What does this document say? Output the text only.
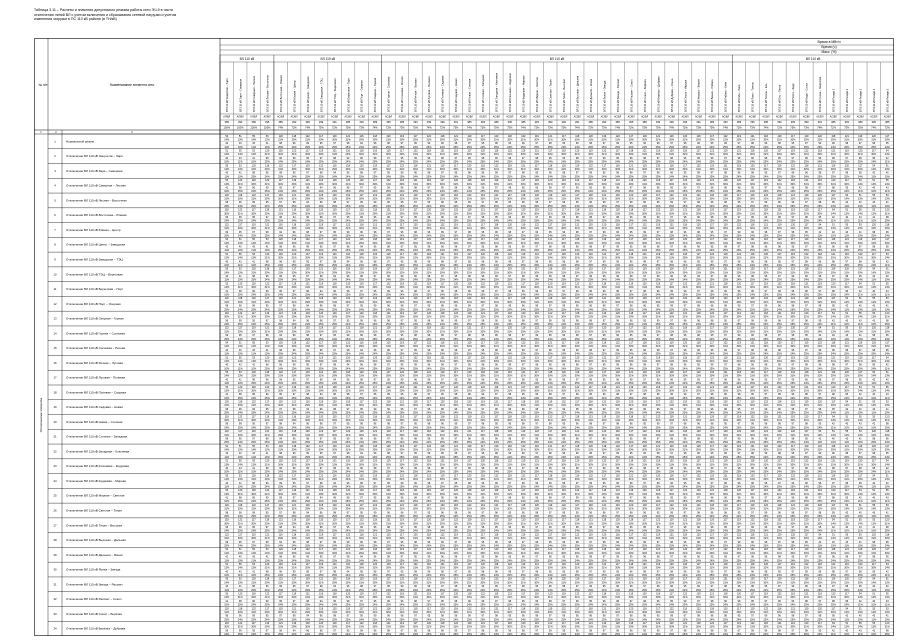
Таблица 3.11 – Расчеты и значения допустимого режима работы сети ЭЧ-9 в части
отключения линий ВЛ с учетом включения и сбрасывания сетевой нагрузки и учетом
изменения загрузки в ПС 110 кВ района (в ТН/кВ)
Время в МВт/ч
Время (ч)
Макс. (%)
ВЛ 110 кВ	ВЛ 110 кВ	ВЛ 110 кВ	ВЛ 110 кВ
№ п/п	Наименование элемента сети	ВЛ 110 кВ Энергетик – Заря
АЛ/ВЛ
385
100%
ВЛ 110 кВ Заря – Северная
АЛ/ВЛ
393
100%
ВЛ 110 кВ Северная – Лесная
АЛ/ВЛ
389
100%
ВЛ 110 кВ Лесная – Восточная
АЛ/ВЛ
395
100%
ВЛ 110 кВ Восточная – Южная
АС/ВЛ
385
74%
ВЛ 110 кВ Южная – Центр
АС/ВЛ
393
72%
ВЛ 110 кВ Центр – Заводская
АС/ВЛ
399
74%
ВЛ 110 кВ Заводская – ТЭЦ
АС/ВЛ
399
73%
ВЛ 110 кВ ТЭЦ – Береговая
АС/ВЛ
391
72%
ВЛ 110 кВ Береговая – Порт
АС/ВЛ
385
75%
ВЛ 110 кВ Порт – Озерная
АС/ВЛ
393
73%
ВЛ 110 кВ Озерная – Горная
АС/ВЛ
389
74%
ВЛ 110 кВ Горная – Сосновка
АС/ВЛ
395
72%
ВЛ 110 кВ Сосновка – Речная
АС/ВЛ
385
73%
ВЛ 110 кВ Речная – Луговая
АС/ВЛ
393
75%
ВЛ 110 кВ Луговая – Полевая
АС/ВЛ
399
74%
ВЛ 110 кВ Полевая – Садовая
АС/ВЛ
399
72%
ВЛ 110 кВ Садовая – Новая
АС/ВЛ
391
73%
ВЛ 110 кВ Новая – Степная
АС/ВЛ
385
74%
ВЛ 110 кВ Степная – Западная
АС/ВЛ
393
72%
ВЛ 110 кВ Западная – Ключевая
АС/ВЛ
389
75%
ВЛ 110 кВ Ключевая – Кедровая
АС/ВЛ
395
73%
ВЛ 110 кВ Кедровая – Мирная
АС/ВЛ
385
74%
ВЛ 110 кВ Мирная – Светлая
АС/ВЛ
393
72%
ВЛ 110 кВ Светлая – Тихая
АС/ВЛ
399
73%
ВЛ 110 кВ Тихая – Высокая
АС/ВЛ
399
75%
ВЛ 110 кВ Высокая – Дальняя
АС/ВЛ
391
74%
ВЛ 110 кВ Дальняя – Ясная
АС/ВЛ
385
72%
ВЛ 110 кВ Ясная – Звезда
АС/ВЛ
393
73%
ВЛ 110 кВ Звезда – Рассвет
АС/ВЛ
389
74%
ВЛ 110 кВ Рассвет – Сокол
АС/ВЛ
395
72%
ВЛ 110 кВ Сокол – Берёзка
АС/ВЛ
385
75%
ВЛ 110 кВ Берёзка – Дубрава
АС/ВЛ
393
73%
ВЛ 110 кВ Дубрава – Ольха
АС/ВЛ
399
74%
ВЛ 110 кВ Ольха – Ивушка
АС/ВЛ
399
72%
ВЛ 110 кВ Ивушка – Вишня
АС/ВЛ
391
73%
ВЛ 110 кВ Вишня – Рябина
АС/ВЛ
385
75%
ВЛ 110 кВ Рябина – Клён
АС/ВЛ
393
74%
ВЛ 110 кВ Клён – Липа
АС/ВЛ
389
72%
ВЛ 110 кВ Липа – Тополь
АС/ВЛ
395
73%
ВЛ 110 кВ Тополь – Ель
АС/ВЛ
385
74%
ВЛ 110 кВ Ель – Пихта
АС/ВЛ
393
72%
ВЛ 110 кВ Пихта – Кедр
АС/ВЛ
399
75%
ВЛ 110 кВ Кедр – Сосна
АС/ВЛ
399
73%
ВЛ 110 кВ Сосна – Энергетик
АС/ВЛ
391
74%
ВЛ 110 кВ Резерв 1
АС/ВЛ
385
72%
ВЛ 110 кВ Резерв 2
АС/ВЛ
393
73%
ВЛ 110 кВ Резерв 3
АС/ВЛ
389
75%
ВЛ 110 кВ Резерв 4
АС/ВЛ
395
74%
ВЛ 110 кВ Резерв 5
АС/ВЛ
385
72%
1	2	3
Отключаемые элементы
1	Нормальный режим
54
14%
42
11%
51
13%
40
10%
55
14%
43
11%
53
13%
41
10%
120
31%
98
25%
118
30%
96
24%
122
31%
99
25%
117
30%
95
24%
119
30%
97
25%
121
31%
98
25%
116
29%
94
24%
118
30%
96
24%
120
31%
98
25%
119
30%
97
25%
117
30%
95
24%
122
31%
99
25%
118
30%
96
24%
121
31%
98
25%
119
30%
97
25%
117
30%
95
24%
120
31%
98
25%
118
30%
96
24%
122
31%
99
25%
119
30%
97
25%
121
31%
98
25%
117
30%
95
24%
118
30%
96
24%
120
31%
98
25%
119
30%
97
25%
122
31%
99
25%
117
30%
95
24%
118
30%
96
24%
121
31%
98
25%
119
30%
97
25%
120
31%
98
25%
118
30%
96
24%
117
30%
95
24%
122
31%
99
25%
119
30%
97
25%
121
31%
98
25%
118
30%
96
24%
120
31%
98
25%
117
30%
95
24%
119
30%
97
25%
122
31%
99
25%
118
30%
96
24%
121
31%
98
25%
119
30%
97
25%
120
31%
98
25%
117
30%
95
24%
2	Отключение ВЛ 110 кВ Энергетик – Заря
51
13%
40
10%
55
14%
43
11%
53
13%
41
10%
120
31%
98
25%
118
30%
96
24%
122
31%
99
25%
117
30%
95
24%
119
30%
97
25%
121
31%
98
25%
116
29%
94
24%
118
30%
96
24%
120
31%
98
25%
119
30%
97
25%
117
30%
95
24%
122
31%
99
25%
118
30%
96
24%
121
31%
98
25%
119
30%
97
25%
117
30%
95
24%
120
31%
98
25%
118
30%
96
24%
122
31%
99
25%
119
30%
97
25%
121
31%
98
25%
117
30%
95
24%
118
30%
96
24%
120
31%
98
25%
119
30%
97
25%
122
31%
99
25%
117
30%
95
24%
118
30%
96
24%
121
31%
98
25%
119
30%
97
25%
120
31%
98
25%
118
30%
96
24%
117
30%
95
24%
122
31%
99
25%
119
30%
97
25%
121
31%
98
25%
118
30%
96
24%
120
31%
98
25%
117
30%
95
24%
119
30%
97
25%
122
31%
99
25%
118
30%
96
24%
121
31%
98
25%
119
30%
97
25%
120
31%
98
25%
117
30%
95
24%
54
14%
42
11%
3	Отключение ВЛ 110 кВ Заря – Северная
55
14%
43
11%
53
13%
41
10%
120
31%
98
25%
118
30%
96
24%
122
31%
99
25%
117
30%
95
24%
119
30%
97
25%
121
31%
98
25%
116
29%
94
24%
118
30%
96
24%
120
31%
98
25%
119
30%
97
25%
117
30%
95
24%
122
31%
99
25%
118
30%
96
24%
121
31%
98
25%
119
30%
97
25%
117
30%
95
24%
120
31%
98
25%
118
30%
96
24%
122
31%
99
25%
119
30%
97
25%
121
31%
98
25%
117
30%
95
24%
118
30%
96
24%
120
31%
98
25%
119
30%
97
25%
122
31%
99
25%
117
30%
95
24%
118
30%
96
24%
121
31%
98
25%
119
30%
97
25%
120
31%
98
25%
118
30%
96
24%
117
30%
95
24%
122
31%
99
25%
119
30%
97
25%
121
31%
98
25%
118
30%
96
24%
120
31%
98
25%
117
30%
95
24%
119
30%
97
25%
122
31%
99
25%
118
30%
96
24%
121
31%
98
25%
119
30%
97
25%
120
31%
98
25%
117
30%
95
24%
54
14%
42
11%
51
13%
40
10%
4	Отключение ВЛ 110 кВ Северная – Лесная
53
13%
41
10%
120
31%
98
25%
118
30%
96
24%
122
31%
99
25%
117
30%
95
24%
119
30%
97
25%
121
31%
98
25%
116
29%
94
24%
118
30%
96
24%
120
31%
98
25%
119
30%
97
25%
117
30%
95
24%
122
31%
99
25%
118
30%
96
24%
121
31%
98
25%
119
30%
97
25%
117
30%
95
24%
120
31%
98
25%
118
30%
96
24%
122
31%
99
25%
119
30%
97
25%
121
31%
98
25%
117
30%
95
24%
118
30%
96
24%
120
31%
98
25%
119
30%
97
25%
122
31%
99
25%
117
30%
95
24%
118
30%
96
24%
121
31%
98
25%
119
30%
97
25%
120
31%
98
25%
118
30%
96
24%
117
30%
95
24%
122
31%
99
25%
119
30%
97
25%
121
31%
98
25%
118
30%
96
24%
120
31%
98
25%
117
30%
95
24%
119
30%
97
25%
122
31%
99
25%
118
30%
96
24%
121
31%
98
25%
119
30%
97
25%
120
31%
98
25%
117
30%
95
24%
54
14%
42
11%
51
13%
40
10%
55
14%
43
11%
5	Отключение ВЛ 110 кВ Лесная – Восточная
120
31%
98
25%
118
30%
96
24%
122
31%
99
25%
117
30%
95
24%
119
30%
97
25%
121
31%
98
25%
116
29%
94
24%
118
30%
96
24%
120
31%
98
25%
119
30%
97
25%
117
30%
95
24%
122
31%
99
25%
118
30%
96
24%
121
31%
98
25%
119
30%
97
25%
117
30%
95
24%
120
31%
98
25%
118
30%
96
24%
122
31%
99
25%
119
30%
97
25%
121
31%
98
25%
117
30%
95
24%
118
30%
96
24%
120
31%
98
25%
119
30%
97
25%
122
31%
99
25%
117
30%
95
24%
118
30%
96
24%
121
31%
98
25%
119
30%
97
25%
120
31%
98
25%
118
30%
96
24%
117
30%
95
24%
122
31%
99
25%
119
30%
97
25%
121
31%
98
25%
118
30%
96
24%
120
31%
98
25%
117
30%
95
24%
119
30%
97
25%
122
31%
99
25%
118
30%
96
24%
121
31%
98
25%
119
30%
97
25%
120
31%
98
25%
117
30%
95
24%
54
14%
42
11%
51
13%
40
10%
55
14%
43
11%
53
13%
41
10%
6	Отключение ВЛ 110 кВ Восточная – Южная
118
30%
96
24%
122
31%
99
25%
117
30%
95
24%
119
30%
97
25%
121
31%
98
25%
116
29%
94
24%
118
30%
96
24%
120
31%
98
25%
119
30%
97
25%
117
30%
95
24%
122
31%
99
25%
118
30%
96
24%
121
31%
98
25%
119
30%
97
25%
117
30%
95
24%
120
31%
98
25%
118
30%
96
24%
122
31%
99
25%
119
30%
97
25%
121
31%
98
25%
117
30%
95
24%
118
30%
96
24%
120
31%
98
25%
119
30%
97
25%
122
31%
99
25%
117
30%
95
24%
118
30%
96
24%
121
31%
98
25%
119
30%
97
25%
120
31%
98
25%
118
30%
96
24%
117
30%
95
24%
122
31%
99
25%
119
30%
97
25%
121
31%
98
25%
118
30%
96
24%
120
31%
98
25%
117
30%
95
24%
119
30%
97
25%
122
31%
99
25%
118
30%
96
24%
121
31%
98
25%
119
30%
97
25%
120
31%
98
25%
117
30%
95
24%
54
14%
42
11%
51
13%
40
10%
55
14%
43
11%
53
13%
41
10%
120
31%
98
25%
7	Отключение ВЛ 110 кВ Южная – Центр
122
31%
99
25%
117
30%
95
24%
119
30%
97
25%
121
31%
98
25%
116
29%
94
24%
118
30%
96
24%
120
31%
98
25%
119
30%
97
25%
117
30%
95
24%
122
31%
99
25%
118
30%
96
24%
121
31%
98
25%
119
30%
97
25%
117
30%
95
24%
120
31%
98
25%
118
30%
96
24%
122
31%
99
25%
119
30%
97
25%
121
31%
98
25%
117
30%
95
24%
118
30%
96
24%
120
31%
98
25%
119
30%
97
25%
122
31%
99
25%
117
30%
95
24%
118
30%
96
24%
121
31%
98
25%
119
30%
97
25%
120
31%
98
25%
118
30%
96
24%
117
30%
95
24%
122
31%
99
25%
119
30%
97
25%
121
31%
98
25%
118
30%
96
24%
120
31%
98
25%
117
30%
95
24%
119
30%
97
25%
122
31%
99
25%
118
30%
96
24%
121
31%
98
25%
119
30%
97
25%
120
31%
98
25%
117
30%
95
24%
54
14%
42
11%
51
13%
40
10%
55
14%
43
11%
53
13%
41
10%
120
31%
98
25%
118
30%
96
24%
8	Отключение ВЛ 110 кВ Центр – Заводская
54
14%
42
11%
51
13%
40
10%
55
14%
43
11%
53
13%
41
10%
120
31%
98
25%
118
30%
96
24%
122
31%
99
25%
117
30%
95
24%
119
30%
97
25%
121
31%
98
25%
116
29%
94
24%
118
30%
96
24%
120
31%
98
25%
119
30%
97
25%
117
30%
95
24%
122
31%
99
25%
118
30%
96
24%
121
31%
98
25%
119
30%
97
25%
117
30%
95
24%
120
31%
98
25%
118
30%
96
24%
122
31%
99
25%
119
30%
97
25%
121
31%
98
25%
117
30%
95
24%
118
30%
96
24%
120
31%
98
25%
119
30%
97
25%
122
31%
99
25%
117
30%
95
24%
118
30%
96
24%
121
31%
98
25%
119
30%
97
25%
120
31%
98
25%
118
30%
96
24%
117
30%
95
24%
122
31%
99
25%
119
30%
97
25%
121
31%
98
25%
118
30%
96
24%
120
31%
98
25%
117
30%
95
24%
119
30%
97
25%
122
31%
99
25%
118
30%
96
24%
121
31%
98
25%
119
30%
97
25%
120
31%
98
25%
117
30%
95
24%
9	Отключение ВЛ 110 кВ Заводская – ТЭЦ
51
13%
40
10%
55
14%
43
11%
53
13%
41
10%
120
31%
98
25%
118
30%
96
24%
122
31%
99
25%
117
30%
95
24%
119
30%
97
25%
121
31%
98
25%
116
29%
94
24%
118
30%
96
24%
120
31%
98
25%
119
30%
97
25%
117
30%
95
24%
122
31%
99
25%
118
30%
96
24%
121
31%
98
25%
119
30%
97
25%
117
30%
95
24%
120
31%
98
25%
118
30%
96
24%
122
31%
99
25%
119
30%
97
25%
121
31%
98
25%
117
30%
95
24%
118
30%
96
24%
120
31%
98
25%
119
30%
97
25%
122
31%
99
25%
117
30%
95
24%
118
30%
96
24%
121
31%
98
25%
119
30%
97
25%
120
31%
98
25%
118
30%
96
24%
117
30%
95
24%
122
31%
99
25%
119
30%
97
25%
121
31%
98
25%
118
30%
96
24%
120
31%
98
25%
117
30%
95
24%
119
30%
97
25%
122
31%
99
25%
118
30%
96
24%
121
31%
98
25%
119
30%
97
25%
120
31%
98
25%
117
30%
95
24%
54
14%
42
11%
10	Отключение ВЛ 110 кВ ТЭЦ – Береговая
55
14%
43
11%
53
13%
41
10%
120
31%
98
25%
118
30%
96
24%
122
31%
99
25%
117
30%
95
24%
119
30%
97
25%
121
31%
98
25%
116
29%
94
24%
118
30%
96
24%
120
31%
98
25%
119
30%
97
25%
117
30%
95
24%
122
31%
99
25%
118
30%
96
24%
121
31%
98
25%
119
30%
97
25%
117
30%
95
24%
120
31%
98
25%
118
30%
96
24%
122
31%
99
25%
119
30%
97
25%
121
31%
98
25%
117
30%
95
24%
118
30%
96
24%
120
31%
98
25%
119
30%
97
25%
122
31%
99
25%
117
30%
95
24%
118
30%
96
24%
121
31%
98
25%
119
30%
97
25%
120
31%
98
25%
118
30%
96
24%
117
30%
95
24%
122
31%
99
25%
119
30%
97
25%
121
31%
98
25%
118
30%
96
24%
120
31%
98
25%
117
30%
95
24%
119
30%
97
25%
122
31%
99
25%
118
30%
96
24%
121
31%
98
25%
119
30%
97
25%
120
31%
98
25%
117
30%
95
24%
54
14%
42
11%
51
13%
40
10%
11	Отключение ВЛ 110 кВ Береговая – Порт
53
13%
41
10%
120
31%
98
25%
118
30%
96
24%
122
31%
99
25%
117
30%
95
24%
119
30%
97
25%
121
31%
98
25%
116
29%
94
24%
118
30%
96
24%
120
31%
98
25%
119
30%
97
25%
117
30%
95
24%
122
31%
99
25%
118
30%
96
24%
121
31%
98
25%
119
30%
97
25%
117
30%
95
24%
120
31%
98
25%
118
30%
96
24%
122
31%
99
25%
119
30%
97
25%
121
31%
98
25%
117
30%
95
24%
118
30%
96
24%
120
31%
98
25%
119
30%
97
25%
122
31%
99
25%
117
30%
95
24%
118
30%
96
24%
121
31%
98
25%
119
30%
97
25%
120
31%
98
25%
118
30%
96
24%
117
30%
95
24%
122
31%
99
25%
119
30%
97
25%
121
31%
98
25%
118
30%
96
24%
120
31%
98
25%
117
30%
95
24%
119
30%
97
25%
122
31%
99
25%
118
30%
96
24%
121
31%
98
25%
119
30%
97
25%
120
31%
98
25%
117
30%
95
24%
54
14%
42
11%
51
13%
40
10%
55
14%
43
11%
12	Отключение ВЛ 110 кВ Порт – Озерная
120
31%
98
25%
118
30%
96
24%
122
31%
99
25%
117
30%
95
24%
119
30%
97
25%
121
31%
98
25%
116
29%
94
24%
118
30%
96
24%
120
31%
98
25%
119
30%
97
25%
117
30%
95
24%
122
31%
99
25%
118
30%
96
24%
121
31%
98
25%
119
30%
97
25%
117
30%
95
24%
120
31%
98
25%
118
30%
96
24%
122
31%
99
25%
119
30%
97
25%
121
31%
98
25%
117
30%
95
24%
118
30%
96
24%
120
31%
98
25%
119
30%
97
25%
122
31%
99
25%
117
30%
95
24%
118
30%
96
24%
121
31%
98
25%
119
30%
97
25%
120
31%
98
25%
118
30%
96
24%
117
30%
95
24%
122
31%
99
25%
119
30%
97
25%
121
31%
98
25%
118
30%
96
24%
120
31%
98
25%
117
30%
95
24%
119
30%
97
25%
122
31%
99
25%
118
30%
96
24%
121
31%
98
25%
119
30%
97
25%
120
31%
98
25%
117
30%
95
24%
54
14%
42
11%
51
13%
40
10%
55
14%
43
11%
53
13%
41
10%
13	Отключение ВЛ 110 кВ Озерная – Горная
118
30%
96
24%
122
31%
99
25%
117
30%
95
24%
119
30%
97
25%
121
31%
98
25%
116
29%
94
24%
118
30%
96
24%
120
31%
98
25%
119
30%
97
25%
117
30%
95
24%
122
31%
99
25%
118
30%
96
24%
121
31%
98
25%
119
30%
97
25%
117
30%
95
24%
120
31%
98
25%
118
30%
96
24%
122
31%
99
25%
119
30%
97
25%
121
31%
98
25%
117
30%
95
24%
118
30%
96
24%
120
31%
98
25%
119
30%
97
25%
122
31%
99
25%
117
30%
95
24%
118
30%
96
24%
121
31%
98
25%
119
30%
97
25%
120
31%
98
25%
118
30%
96
24%
117
30%
95
24%
122
31%
99
25%
119
30%
97
25%
121
31%
98
25%
118
30%
96
24%
120
31%
98
25%
117
30%
95
24%
119
30%
97
25%
122
31%
99
25%
118
30%
96
24%
121
31%
98
25%
119
30%
97
25%
120
31%
98
25%
117
30%
95
24%
54
14%
42
11%
51
13%
40
10%
55
14%
43
11%
53
13%
41
10%
120
31%
98
25%
14	Отключение ВЛ 110 кВ Горная – Сосновка
122
31%
99
25%
117
30%
95
24%
119
30%
97
25%
121
31%
98
25%
116
29%
94
24%
118
30%
96
24%
120
31%
98
25%
119
30%
97
25%
117
30%
95
24%
122
31%
99
25%
118
30%
96
24%
121
31%
98
25%
119
30%
97
25%
117
30%
95
24%
120
31%
98
25%
118
30%
96
24%
122
31%
99
25%
119
30%
97
25%
121
31%
98
25%
117
30%
95
24%
118
30%
96
24%
120
31%
98
25%
119
30%
97
25%
122
31%
99
25%
117
30%
95
24%
118
30%
96
24%
121
31%
98
25%
119
30%
97
25%
120
31%
98
25%
118
30%
96
24%
117
30%
95
24%
122
31%
99
25%
119
30%
97
25%
121
31%
98
25%
118
30%
96
24%
120
31%
98
25%
117
30%
95
24%
119
30%
97
25%
122
31%
99
25%
118
30%
96
24%
121
31%
98
25%
119
30%
97
25%
120
31%
98
25%
117
30%
95
24%
54
14%
42
11%
51
13%
40
10%
55
14%
43
11%
53
13%
41
10%
120
31%
98
25%
118
30%
96
24%
15	Отключение ВЛ 110 кВ Сосновка – Речная
54
14%
42
11%
51
13%
40
10%
55
14%
43
11%
53
13%
41
10%
120
31%
98
25%
118
30%
96
24%
122
31%
99
25%
117
30%
95
24%
119
30%
97
25%
121
31%
98
25%
116
29%
94
24%
118
30%
96
24%
120
31%
98
25%
119
30%
97
25%
117
30%
95
24%
122
31%
99
25%
118
30%
96
24%
121
31%
98
25%
119
30%
97
25%
117
30%
95
24%
120
31%
98
25%
118
30%
96
24%
122
31%
99
25%
119
30%
97
25%
121
31%
98
25%
117
30%
95
24%
118
30%
96
24%
120
31%
98
25%
119
30%
97
25%
122
31%
99
25%
117
30%
95
24%
118
30%
96
24%
121
31%
98
25%
119
30%
97
25%
120
31%
98
25%
118
30%
96
24%
117
30%
95
24%
122
31%
99
25%
119
30%
97
25%
121
31%
98
25%
118
30%
96
24%
120
31%
98
25%
117
30%
95
24%
119
30%
97
25%
122
31%
99
25%
118
30%
96
24%
121
31%
98
25%
119
30%
97
25%
120
31%
98
25%
117
30%
95
24%
16	Отключение ВЛ 110 кВ Речная – Луговая
51
13%
40
10%
55
14%
43
11%
53
13%
41
10%
120
31%
98
25%
118
30%
96
24%
122
31%
99
25%
117
30%
95
24%
119
30%
97
25%
121
31%
98
25%
116
29%
94
24%
118
30%
96
24%
120
31%
98
25%
119
30%
97
25%
117
30%
95
24%
122
31%
99
25%
118
30%
96
24%
121
31%
98
25%
119
30%
97
25%
117
30%
95
24%
120
31%
98
25%
118
30%
96
24%
122
31%
99
25%
119
30%
97
25%
121
31%
98
25%
117
30%
95
24%
118
30%
96
24%
120
31%
98
25%
119
30%
97
25%
122
31%
99
25%
117
30%
95
24%
118
30%
96
24%
121
31%
98
25%
119
30%
97
25%
120
31%
98
25%
118
30%
96
24%
117
30%
95
24%
122
31%
99
25%
119
30%
97
25%
121
31%
98
25%
118
30%
96
24%
120
31%
98
25%
117
30%
95
24%
119
30%
97
25%
122
31%
99
25%
118
30%
96
24%
121
31%
98
25%
119
30%
97
25%
120
31%
98
25%
117
30%
95
24%
54
14%
42
11%
17	Отключение ВЛ 110 кВ Луговая – Полевая
55
14%
43
11%
53
13%
41
10%
120
31%
98
25%
118
30%
96
24%
122
31%
99
25%
117
30%
95
24%
119
30%
97
25%
121
31%
98
25%
116
29%
94
24%
118
30%
96
24%
120
31%
98
25%
119
30%
97
25%
117
30%
95
24%
122
31%
99
25%
118
30%
96
24%
121
31%
98
25%
119
30%
97
25%
117
30%
95
24%
120
31%
98
25%
118
30%
96
24%
122
31%
99
25%
119
30%
97
25%
121
31%
98
25%
117
30%
95
24%
118
30%
96
24%
120
31%
98
25%
119
30%
97
25%
122
31%
99
25%
117
30%
95
24%
118
30%
96
24%
121
31%
98
25%
119
30%
97
25%
120
31%
98
25%
118
30%
96
24%
117
30%
95
24%
122
31%
99
25%
119
30%
97
25%
121
31%
98
25%
118
30%
96
24%
120
31%
98
25%
117
30%
95
24%
119
30%
97
25%
122
31%
99
25%
118
30%
96
24%
121
31%
98
25%
119
30%
97
25%
120
31%
98
25%
117
30%
95
24%
54
14%
42
11%
51
13%
40
10%
18	Отключение ВЛ 110 кВ Полевая – Садовая
53
13%
41
10%
120
31%
98
25%
118
30%
96
24%
122
31%
99
25%
117
30%
95
24%
119
30%
97
25%
121
31%
98
25%
116
29%
94
24%
118
30%
96
24%
120
31%
98
25%
119
30%
97
25%
117
30%
95
24%
122
31%
99
25%
118
30%
96
24%
121
31%
98
25%
119
30%
97
25%
117
30%
95
24%
120
31%
98
25%
118
30%
96
24%
122
31%
99
25%
119
30%
97
25%
121
31%
98
25%
117
30%
95
24%
118
30%
96
24%
120
31%
98
25%
119
30%
97
25%
122
31%
99
25%
117
30%
95
24%
118
30%
96
24%
121
31%
98
25%
119
30%
97
25%
120
31%
98
25%
118
30%
96
24%
117
30%
95
24%
122
31%
99
25%
119
30%
97
25%
121
31%
98
25%
118
30%
96
24%
120
31%
98
25%
117
30%
95
24%
119
30%
97
25%
122
31%
99
25%
118
30%
96
24%
121
31%
98
25%
119
30%
97
25%
120
31%
98
25%
117
30%
95
24%
54
14%
42
11%
51
13%
40
10%
55
14%
43
11%
19	Отключение ВЛ 110 кВ Садовая – Новая
120
31%
98
25%
118
30%
96
24%
122
31%
99
25%
117
30%
95
24%
119
30%
97
25%
121
31%
98
25%
116
29%
94
24%
118
30%
96
24%
120
31%
98
25%
119
30%
97
25%
117
30%
95
24%
122
31%
99
25%
118
30%
96
24%
121
31%
98
25%
119
30%
97
25%
117
30%
95
24%
120
31%
98
25%
118
30%
96
24%
122
31%
99
25%
119
30%
97
25%
121
31%
98
25%
117
30%
95
24%
118
30%
96
24%
120
31%
98
25%
119
30%
97
25%
122
31%
99
25%
117
30%
95
24%
118
30%
96
24%
121
31%
98
25%
119
30%
97
25%
120
31%
98
25%
118
30%
96
24%
117
30%
95
24%
122
31%
99
25%
119
30%
97
25%
121
31%
98
25%
118
30%
96
24%
120
31%
98
25%
117
30%
95
24%
119
30%
97
25%
122
31%
99
25%
118
30%
96
24%
121
31%
98
25%
119
30%
97
25%
120
31%
98
25%
117
30%
95
24%
54
14%
42
11%
51
13%
40
10%
55
14%
43
11%
53
13%
41
10%
20	Отключение ВЛ 110 кВ Новая – Степная
118
30%
96
24%
122
31%
99
25%
117
30%
95
24%
119
30%
97
25%
121
31%
98
25%
116
29%
94
24%
118
30%
96
24%
120
31%
98
25%
119
30%
97
25%
117
30%
95
24%
122
31%
99
25%
118
30%
96
24%
121
31%
98
25%
119
30%
97
25%
117
30%
95
24%
120
31%
98
25%
118
30%
96
24%
122
31%
99
25%
119
30%
97
25%
121
31%
98
25%
117
30%
95
24%
118
30%
96
24%
120
31%
98
25%
119
30%
97
25%
122
31%
99
25%
117
30%
95
24%
118
30%
96
24%
121
31%
98
25%
119
30%
97
25%
120
31%
98
25%
118
30%
96
24%
117
30%
95
24%
122
31%
99
25%
119
30%
97
25%
121
31%
98
25%
118
30%
96
24%
120
31%
98
25%
117
30%
95
24%
119
30%
97
25%
122
31%
99
25%
118
30%
96
24%
121
31%
98
25%
119
30%
97
25%
120
31%
98
25%
117
30%
95
24%
54
14%
42
11%
51
13%
40
10%
55
14%
43
11%
53
13%
41
10%
120
31%
98
25%
21	Отключение ВЛ 110 кВ Степная – Западная
122
31%
99
25%
117
30%
95
24%
119
30%
97
25%
121
31%
98
25%
116
29%
94
24%
118
30%
96
24%
120
31%
98
25%
119
30%
97
25%
117
30%
95
24%
122
31%
99
25%
118
30%
96
24%
121
31%
98
25%
119
30%
97
25%
117
30%
95
24%
120
31%
98
25%
118
30%
96
24%
122
31%
99
25%
119
30%
97
25%
121
31%
98
25%
117
30%
95
24%
118
30%
96
24%
120
31%
98
25%
119
30%
97
25%
122
31%
99
25%
117
30%
95
24%
118
30%
96
24%
121
31%
98
25%
119
30%
97
25%
120
31%
98
25%
118
30%
96
24%
117
30%
95
24%
122
31%
99
25%
119
30%
97
25%
121
31%
98
25%
118
30%
96
24%
120
31%
98
25%
117
30%
95
24%
119
30%
97
25%
122
31%
99
25%
118
30%
96
24%
121
31%
98
25%
119
30%
97
25%
120
31%
98
25%
117
30%
95
24%
54
14%
42
11%
51
13%
40
10%
55
14%
43
11%
53
13%
41
10%
120
31%
98
25%
118
30%
96
24%
22	Отключение ВЛ 110 кВ Западная – Ключевая
54
14%
42
11%
51
13%
40
10%
55
14%
43
11%
53
13%
41
10%
120
31%
98
25%
118
30%
96
24%
122
31%
99
25%
117
30%
95
24%
119
30%
97
25%
121
31%
98
25%
116
29%
94
24%
118
30%
96
24%
120
31%
98
25%
119
30%
97
25%
117
30%
95
24%
122
31%
99
25%
118
30%
96
24%
121
31%
98
25%
119
30%
97
25%
117
30%
95
24%
120
31%
98
25%
118
30%
96
24%
122
31%
99
25%
119
30%
97
25%
121
31%
98
25%
117
30%
95
24%
118
30%
96
24%
120
31%
98
25%
119
30%
97
25%
122
31%
99
25%
117
30%
95
24%
118
30%
96
24%
121
31%
98
25%
119
30%
97
25%
120
31%
98
25%
118
30%
96
24%
117
30%
95
24%
122
31%
99
25%
119
30%
97
25%
121
31%
98
25%
118
30%
96
24%
120
31%
98
25%
117
30%
95
24%
119
30%
97
25%
122
31%
99
25%
118
30%
96
24%
121
31%
98
25%
119
30%
97
25%
120
31%
98
25%
117
30%
95
24%
23	Отключение ВЛ 110 кВ Ключевая – Кедровая
51
13%
40
10%
55
14%
43
11%
53
13%
41
10%
120
31%
98
25%
118
30%
96
24%
122
31%
99
25%
117
30%
95
24%
119
30%
97
25%
121
31%
98
25%
116
29%
94
24%
118
30%
96
24%
120
31%
98
25%
119
30%
97
25%
117
30%
95
24%
122
31%
99
25%
118
30%
96
24%
121
31%
98
25%
119
30%
97
25%
117
30%
95
24%
120
31%
98
25%
118
30%
96
24%
122
31%
99
25%
119
30%
97
25%
121
31%
98
25%
117
30%
95
24%
118
30%
96
24%
120
31%
98
25%
119
30%
97
25%
122
31%
99
25%
117
30%
95
24%
118
30%
96
24%
121
31%
98
25%
119
30%
97
25%
120
31%
98
25%
118
30%
96
24%
117
30%
95
24%
122
31%
99
25%
119
30%
97
25%
121
31%
98
25%
118
30%
96
24%
120
31%
98
25%
117
30%
95
24%
119
30%
97
25%
122
31%
99
25%
118
30%
96
24%
121
31%
98
25%
119
30%
97
25%
120
31%
98
25%
117
30%
95
24%
54
14%
42
11%
24	Отключение ВЛ 110 кВ Кедровая – Мирная
55
14%
43
11%
53
13%
41
10%
120
31%
98
25%
118
30%
96
24%
122
31%
99
25%
117
30%
95
24%
119
30%
97
25%
121
31%
98
25%
116
29%
94
24%
118
30%
96
24%
120
31%
98
25%
119
30%
97
25%
117
30%
95
24%
122
31%
99
25%
118
30%
96
24%
121
31%
98
25%
119
30%
97
25%
117
30%
95
24%
120
31%
98
25%
118
30%
96
24%
122
31%
99
25%
119
30%
97
25%
121
31%
98
25%
117
30%
95
24%
118
30%
96
24%
120
31%
98
25%
119
30%
97
25%
122
31%
99
25%
117
30%
95
24%
118
30%
96
24%
121
31%
98
25%
119
30%
97
25%
120
31%
98
25%
118
30%
96
24%
117
30%
95
24%
122
31%
99
25%
119
30%
97
25%
121
31%
98
25%
118
30%
96
24%
120
31%
98
25%
117
30%
95
24%
119
30%
97
25%
122
31%
99
25%
118
30%
96
24%
121
31%
98
25%
119
30%
97
25%
120
31%
98
25%
117
30%
95
24%
54
14%
42
11%
51
13%
40
10%
25	Отключение ВЛ 110 кВ Мирная – Светлая
53
13%
41
10%
120
31%
98
25%
118
30%
96
24%
122
31%
99
25%
117
30%
95
24%
119
30%
97
25%
121
31%
98
25%
116
29%
94
24%
118
30%
96
24%
120
31%
98
25%
119
30%
97
25%
117
30%
95
24%
122
31%
99
25%
118
30%
96
24%
121
31%
98
25%
119
30%
97
25%
117
30%
95
24%
120
31%
98
25%
118
30%
96
24%
122
31%
99
25%
119
30%
97
25%
121
31%
98
25%
117
30%
95
24%
118
30%
96
24%
120
31%
98
25%
119
30%
97
25%
122
31%
99
25%
117
30%
95
24%
118
30%
96
24%
121
31%
98
25%
119
30%
97
25%
120
31%
98
25%
118
30%
96
24%
117
30%
95
24%
122
31%
99
25%
119
30%
97
25%
121
31%
98
25%
118
30%
96
24%
120
31%
98
25%
117
30%
95
24%
119
30%
97
25%
122
31%
99
25%
118
30%
96
24%
121
31%
98
25%
119
30%
97
25%
120
31%
98
25%
117
30%
95
24%
54
14%
42
11%
51
13%
40
10%
55
14%
43
11%
26	Отключение ВЛ 110 кВ Светлая – Тихая
120
31%
98
25%
118
30%
96
24%
122
31%
99
25%
117
30%
95
24%
119
30%
97
25%
121
31%
98
25%
116
29%
94
24%
118
30%
96
24%
120
31%
98
25%
119
30%
97
25%
117
30%
95
24%
122
31%
99
25%
118
30%
96
24%
121
31%
98
25%
119
30%
97
25%
117
30%
95
24%
120
31%
98
25%
118
30%
96
24%
122
31%
99
25%
119
30%
97
25%
121
31%
98
25%
117
30%
95
24%
118
30%
96
24%
120
31%
98
25%
119
30%
97
25%
122
31%
99
25%
117
30%
95
24%
118
30%
96
24%
121
31%
98
25%
119
30%
97
25%
120
31%
98
25%
118
30%
96
24%
117
30%
95
24%
122
31%
99
25%
119
30%
97
25%
121
31%
98
25%
118
30%
96
24%
120
31%
98
25%
117
30%
95
24%
119
30%
97
25%
122
31%
99
25%
118
30%
96
24%
121
31%
98
25%
119
30%
97
25%
120
31%
98
25%
117
30%
95
24%
54
14%
42
11%
51
13%
40
10%
55
14%
43
11%
53
13%
41
10%
27	Отключение ВЛ 110 кВ Тихая – Высокая
118
30%
96
24%
122
31%
99
25%
117
30%
95
24%
119
30%
97
25%
121
31%
98
25%
116
29%
94
24%
118
30%
96
24%
120
31%
98
25%
119
30%
97
25%
117
30%
95
24%
122
31%
99
25%
118
30%
96
24%
121
31%
98
25%
119
30%
97
25%
117
30%
95
24%
120
31%
98
25%
118
30%
96
24%
122
31%
99
25%
119
30%
97
25%
121
31%
98
25%
117
30%
95
24%
118
30%
96
24%
120
31%
98
25%
119
30%
97
25%
122
31%
99
25%
117
30%
95
24%
118
30%
96
24%
121
31%
98
25%
119
30%
97
25%
120
31%
98
25%
118
30%
96
24%
117
30%
95
24%
122
31%
99
25%
119
30%
97
25%
121
31%
98
25%
118
30%
96
24%
120
31%
98
25%
117
30%
95
24%
119
30%
97
25%
122
31%
99
25%
118
30%
96
24%
121
31%
98
25%
119
30%
97
25%
120
31%
98
25%
117
30%
95
24%
54
14%
42
11%
51
13%
40
10%
55
14%
43
11%
53
13%
41
10%
120
31%
98
25%
28	Отключение ВЛ 110 кВ Высокая – Дальняя
122
31%
99
25%
117
30%
95
24%
119
30%
97
25%
121
31%
98
25%
116
29%
94
24%
118
30%
96
24%
120
31%
98
25%
119
30%
97
25%
117
30%
95
24%
122
31%
99
25%
118
30%
96
24%
121
31%
98
25%
119
30%
97
25%
117
30%
95
24%
120
31%
98
25%
118
30%
96
24%
122
31%
99
25%
119
30%
97
25%
121
31%
98
25%
117
30%
95
24%
118
30%
96
24%
120
31%
98
25%
119
30%
97
25%
122
31%
99
25%
117
30%
95
24%
118
30%
96
24%
121
31%
98
25%
119
30%
97
25%
120
31%
98
25%
118
30%
96
24%
117
30%
95
24%
122
31%
99
25%
119
30%
97
25%
121
31%
98
25%
118
30%
96
24%
120
31%
98
25%
117
30%
95
24%
119
30%
97
25%
122
31%
99
25%
118
30%
96
24%
121
31%
98
25%
119
30%
97
25%
120
31%
98
25%
117
30%
95
24%
54
14%
42
11%
51
13%
40
10%
55
14%
43
11%
53
13%
41
10%
120
31%
98
25%
118
30%
96
24%
29	Отключение ВЛ 110 кВ Дальняя – Ясная
54
14%
42
11%
51
13%
40
10%
55
14%
43
11%
53
13%
41
10%
120
31%
98
25%
118
30%
96
24%
122
31%
99
25%
117
30%
95
24%
119
30%
97
25%
121
31%
98
25%
116
29%
94
24%
118
30%
96
24%
120
31%
98
25%
119
30%
97
25%
117
30%
95
24%
122
31%
99
25%
118
30%
96
24%
121
31%
98
25%
119
30%
97
25%
117
30%
95
24%
120
31%
98
25%
118
30%
96
24%
122
31%
99
25%
119
30%
97
25%
121
31%
98
25%
117
30%
95
24%
118
30%
96
24%
120
31%
98
25%
119
30%
97
25%
122
31%
99
25%
117
30%
95
24%
118
30%
96
24%
121
31%
98
25%
119
30%
97
25%
120
31%
98
25%
118
30%
96
24%
117
30%
95
24%
122
31%
99
25%
119
30%
97
25%
121
31%
98
25%
118
30%
96
24%
120
31%
98
25%
117
30%
95
24%
119
30%
97
25%
122
31%
99
25%
118
30%
96
24%
121
31%
98
25%
119
30%
97
25%
120
31%
98
25%
117
30%
95
24%
30	Отключение ВЛ 110 кВ Ясная – Звезда
51
13%
40
10%
55
14%
43
11%
53
13%
41
10%
120
31%
98
25%
118
30%
96
24%
122
31%
99
25%
117
30%
95
24%
119
30%
97
25%
121
31%
98
25%
116
29%
94
24%
118
30%
96
24%
120
31%
98
25%
119
30%
97
25%
117
30%
95
24%
122
31%
99
25%
118
30%
96
24%
121
31%
98
25%
119
30%
97
25%
117
30%
95
24%
120
31%
98
25%
118
30%
96
24%
122
31%
99
25%
119
30%
97
25%
121
31%
98
25%
117
30%
95
24%
118
30%
96
24%
120
31%
98
25%
119
30%
97
25%
122
31%
99
25%
117
30%
95
24%
118
30%
96
24%
121
31%
98
25%
119
30%
97
25%
120
31%
98
25%
118
30%
96
24%
117
30%
95
24%
122
31%
99
25%
119
30%
97
25%
121
31%
98
25%
118
30%
96
24%
120
31%
98
25%
117
30%
95
24%
119
30%
97
25%
122
31%
99
25%
118
30%
96
24%
121
31%
98
25%
119
30%
97
25%
120
31%
98
25%
117
30%
95
24%
54
14%
42
11%
31	Отключение ВЛ 110 кВ Звезда – Рассвет
55
14%
43
11%
53
13%
41
10%
120
31%
98
25%
118
30%
96
24%
122
31%
99
25%
117
30%
95
24%
119
30%
97
25%
121
31%
98
25%
116
29%
94
24%
118
30%
96
24%
120
31%
98
25%
119
30%
97
25%
117
30%
95
24%
122
31%
99
25%
118
30%
96
24%
121
31%
98
25%
119
30%
97
25%
117
30%
95
24%
120
31%
98
25%
118
30%
96
24%
122
31%
99
25%
119
30%
97
25%
121
31%
98
25%
117
30%
95
24%
118
30%
96
24%
120
31%
98
25%
119
30%
97
25%
122
31%
99
25%
117
30%
95
24%
118
30%
96
24%
121
31%
98
25%
119
30%
97
25%
120
31%
98
25%
118
30%
96
24%
117
30%
95
24%
122
31%
99
25%
119
30%
97
25%
121
31%
98
25%
118
30%
96
24%
120
31%
98
25%
117
30%
95
24%
119
30%
97
25%
122
31%
99
25%
118
30%
96
24%
121
31%
98
25%
119
30%
97
25%
120
31%
98
25%
117
30%
95
24%
54
14%
42
11%
51
13%
40
10%
32	Отключение ВЛ 110 кВ Рассвет – Сокол
53
13%
41
10%
120
31%
98
25%
118
30%
96
24%
122
31%
99
25%
117
30%
95
24%
119
30%
97
25%
121
31%
98
25%
116
29%
94
24%
118
30%
96
24%
120
31%
98
25%
119
30%
97
25%
117
30%
95
24%
122
31%
99
25%
118
30%
96
24%
121
31%
98
25%
119
30%
97
25%
117
30%
95
24%
120
31%
98
25%
118
30%
96
24%
122
31%
99
25%
119
30%
97
25%
121
31%
98
25%
117
30%
95
24%
118
30%
96
24%
120
31%
98
25%
119
30%
97
25%
122
31%
99
25%
117
30%
95
24%
118
30%
96
24%
121
31%
98
25%
119
30%
97
25%
120
31%
98
25%
118
30%
96
24%
117
30%
95
24%
122
31%
99
25%
119
30%
97
25%
121
31%
98
25%
118
30%
96
24%
120
31%
98
25%
117
30%
95
24%
119
30%
97
25%
122
31%
99
25%
118
30%
96
24%
121
31%
98
25%
119
30%
97
25%
120
31%
98
25%
117
30%
95
24%
54
14%
42
11%
51
13%
40
10%
55
14%
43
11%
33	Отключение ВЛ 110 кВ Сокол – Берёзка
120
31%
98
25%
118
30%
96
24%
122
31%
99
25%
117
30%
95
24%
119
30%
97
25%
121
31%
98
25%
116
29%
94
24%
118
30%
96
24%
120
31%
98
25%
119
30%
97
25%
117
30%
95
24%
122
31%
99
25%
118
30%
96
24%
121
31%
98
25%
119
30%
97
25%
117
30%
95
24%
120
31%
98
25%
118
30%
96
24%
122
31%
99
25%
119
30%
97
25%
121
31%
98
25%
117
30%
95
24%
118
30%
96
24%
120
31%
98
25%
119
30%
97
25%
122
31%
99
25%
117
30%
95
24%
118
30%
96
24%
121
31%
98
25%
119
30%
97
25%
120
31%
98
25%
118
30%
96
24%
117
30%
95
24%
122
31%
99
25%
119
30%
97
25%
121
31%
98
25%
118
30%
96
24%
120
31%
98
25%
117
30%
95
24%
119
30%
97
25%
122
31%
99
25%
118
30%
96
24%
121
31%
98
25%
119
30%
97
25%
120
31%
98
25%
117
30%
95
24%
54
14%
42
11%
51
13%
40
10%
55
14%
43
11%
53
13%
41
10%
34	Отключение ВЛ 110 кВ Берёзка – Дубрава
118
30%
96
24%
122
31%
99
25%
117
30%
95
24%
119
30%
97
25%
121
31%
98
25%
116
29%
94
24%
118
30%
96
24%
120
31%
98
25%
119
30%
97
25%
117
30%
95
24%
122
31%
99
25%
118
30%
96
24%
121
31%
98
25%
119
30%
97
25%
117
30%
95
24%
120
31%
98
25%
118
30%
96
24%
122
31%
99
25%
119
30%
97
25%
121
31%
98
25%
117
30%
95
24%
118
30%
96
24%
120
31%
98
25%
119
30%
97
25%
122
31%
99
25%
117
30%
95
24%
118
30%
96
24%
121
31%
98
25%
119
30%
97
25%
120
31%
98
25%
118
30%
96
24%
117
30%
95
24%
122
31%
99
25%
119
30%
97
25%
121
31%
98
25%
118
30%
96
24%
120
31%
98
25%
117
30%
95
24%
119
30%
97
25%
122
31%
99
25%
118
30%
96
24%
121
31%
98
25%
119
30%
97
25%
120
31%
98
25%
117
30%
95
24%
54
14%
42
11%
51
13%
40
10%
55
14%
43
11%
53
13%
41
10%
120
31%
98
25%
